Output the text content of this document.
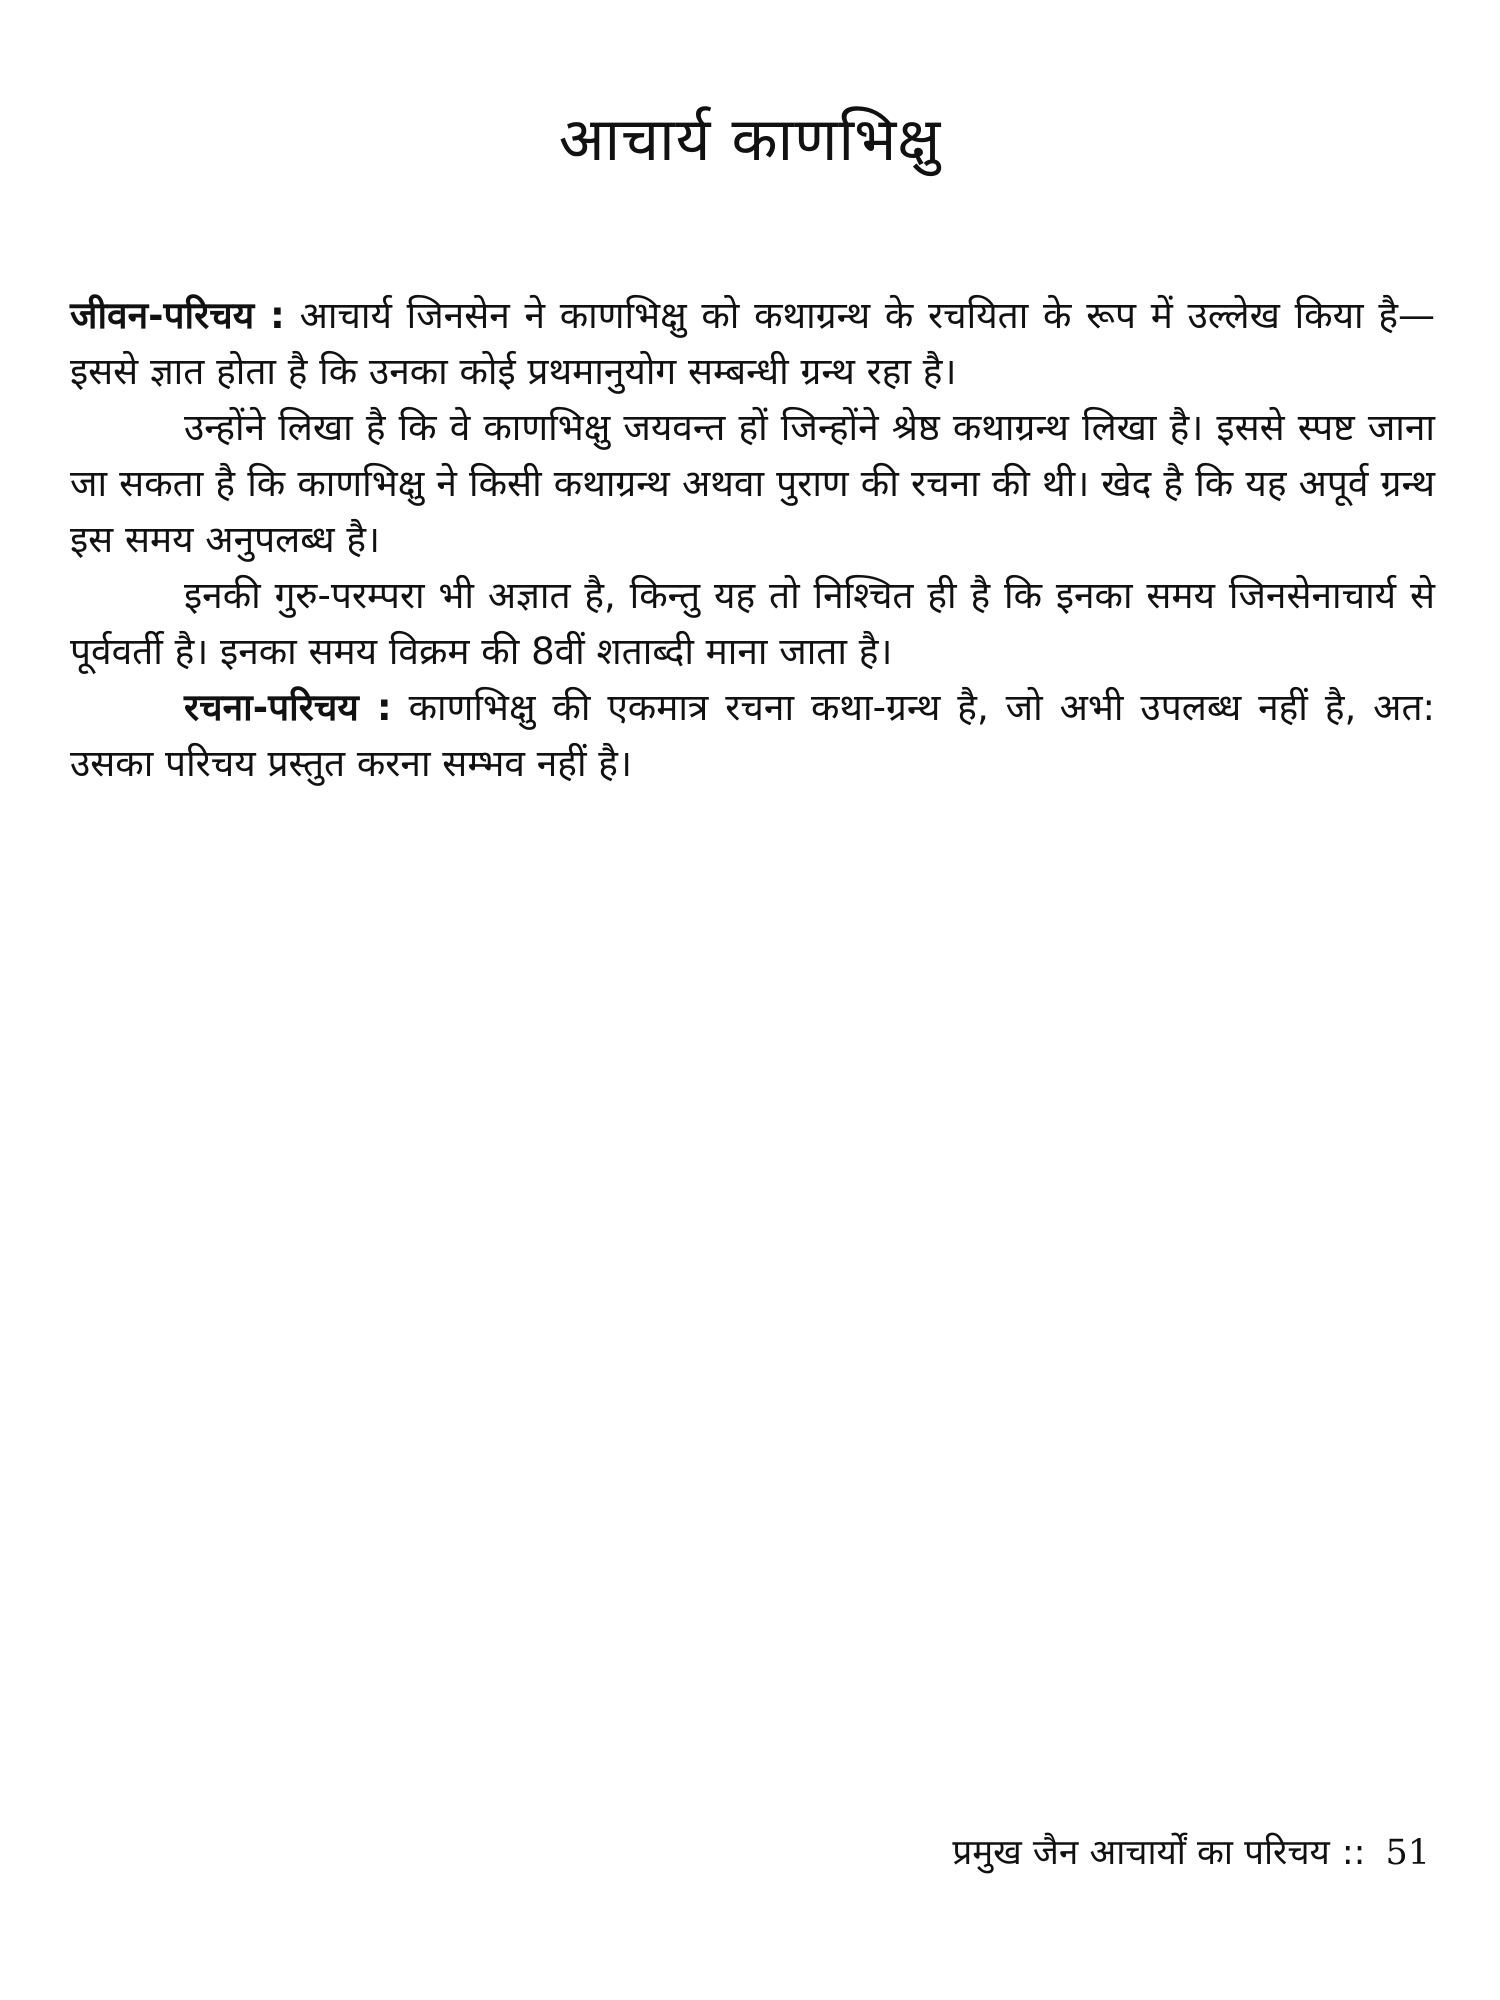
आचार्य काणभिक्षु

जीवन-परिचय : आचार्य जिनसेन ने काणभिक्षु को कथाग्रन्थ के रचयिता के रूप में उल्लेख किया है—इससे ज्ञात होता है कि उनका कोई प्रथमानुयोग सम्बन्धी ग्रन्थ रहा है।

उन्होंने लिखा है कि वे काणभिक्षु जयवन्त हों जिन्होंने श्रेष्ठ कथाग्रन्थ लिखा है। इससे स्पष्ट जाना जा सकता है कि काणभिक्षु ने किसी कथाग्रन्थ अथवा पुराण की रचना की थी। खेद है कि यह अपूर्व ग्रन्थ इस समय अनुपलब्ध है।

इनकी गुरु-परम्परा भी अज्ञात है, किन्तु यह तो निश्चित ही है कि इनका समय जिनसेनाचार्य से पूर्ववर्ती है। इनका समय विक्रम की 8वीं शताब्दी माना जाता है।

रचना-परिचय : काणभिक्षु की एकमात्र रचना कथा-ग्रन्थ है, जो अभी उपलब्ध नहीं है, अत: उसका परिचय प्रस्तुत करना सम्भव नहीं है।

प्रमुख जैन आचार्यों का परिचय :: 51
